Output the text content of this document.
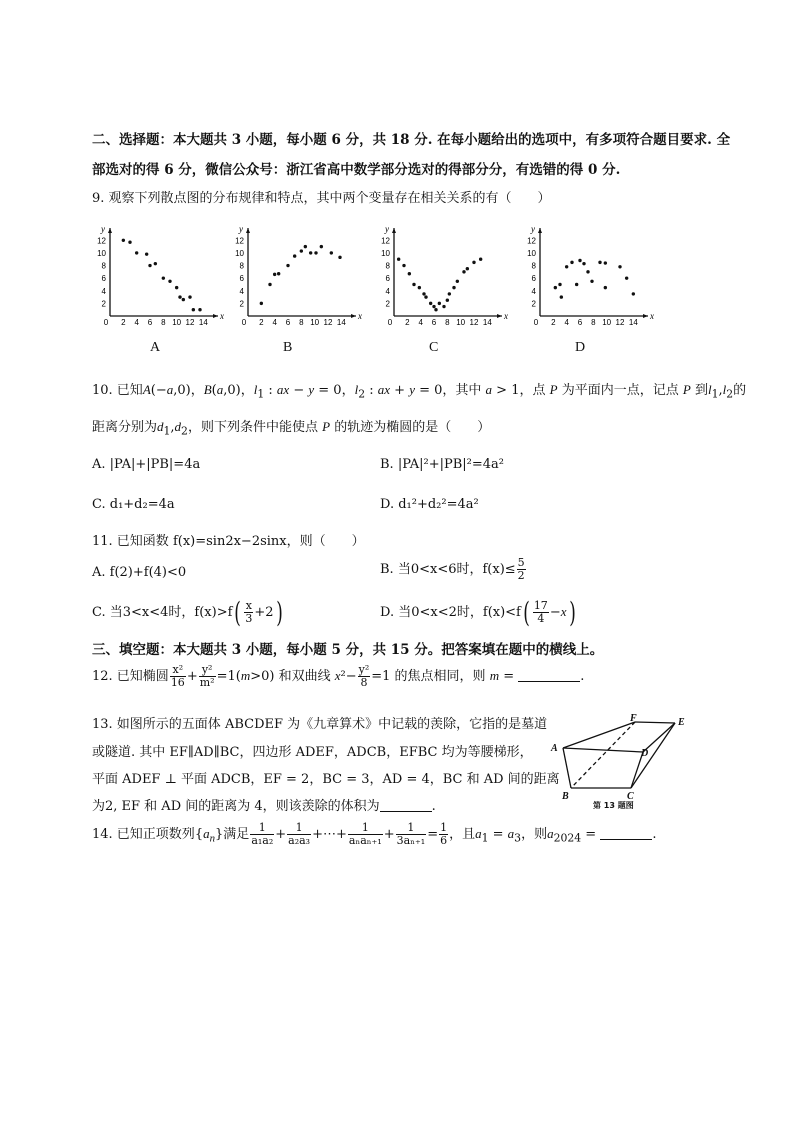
二、选择题：本大题共 3 小题，每小题 6 分，共 18 分. 在每小题给出的选项中，有多项符合题目要求. 全
部选对的得 6 分，微信公众号：浙江省高中数学部分选对的得部分分，有选错的得 0 分.
9. 观察下列散点图的分布规律和特点，其中两个变量存在相关关系的有（　　）
y
x
2
4
6
8
10
12
0 2 4 6 8 10 12 14
y
x
2
4
6
8
10
12
0 2 4 6 8 10 12 14
y
x
2
4
6
8
10
12
0 2 4 6 8 10 12 14
y
x
2
4
6
8
10
12
0 2 4 6 8 10 12 14
A	B	C	D
10. 已知A(−a,0)，B(a,0)，$l_1$ : ax − y = 0，$l_2$ : ax + y = 0，其中 a > 1，点 P 为平面内一点，记点 P 到$l_1,l_2$的
距离分别为$d_1,d_2$，则下列条件中能使点 P 的轨迹为椭圆的是（　　）
A. |PA|+|PB|=4a	B. |PA|²+|PB|²=4a²
C. d₁+d₂=4a	D. d₁²+d₂²=4a²
11. 已知函数 f(x)=sin2x−2sinx，则（　　）
A. f(2)+f(4)<0	B. 当0<x<6时，$f(x)\le \frac{5}{2}$
C. 当3<x<4时，$f(x)>f( \frac{x}{3} +2)$	D. 当0<x<2时，$f(x)<f( \frac{17}{4} -x)$
三、填空题：本大题共 3 小题，每小题 5 分，共 15 分。把答案填在题中的横线上。
12. 已知椭圆 $\frac{\text{x²}}{16} + \frac{\text{y²}}{\text{m²}} =1(m>0)$ 和双曲线 $x^2- \frac{\text{y²}}{8} =1$ 的焦点相同，则 m =	.
13. 如图所示的五面体 ABCDEF 为《九章算术》中记载的羡除，它指的是墓道
或隧道. 其中 EF∥AD∥BC，四边形 ADEF，ADCB，EFBC 均为等腰梯形，
平面 ADEF ⊥ 平面 ADCB，EF = 2，BC = 3，AD = 4，BC 和 AD 间的距离
为2, EF 和 AD 间的距离为 4，则该羡除的体积为	.
F	E
A	D
B	C
第 13 题图
14. 已知正项数列$\{a_n\}$满足 $\frac{1}{\text{a₁a₂}} + \frac{1}{\text{a₂a₃}}$ +⋯+ $\frac{1}{\text{aₙaₙ₊₁}} + \frac{1}{\text{3aₙ₊₁}} = \frac{1}{6}$ ，且$a_1 = a_3$，则$a_{2024}$ =	.
